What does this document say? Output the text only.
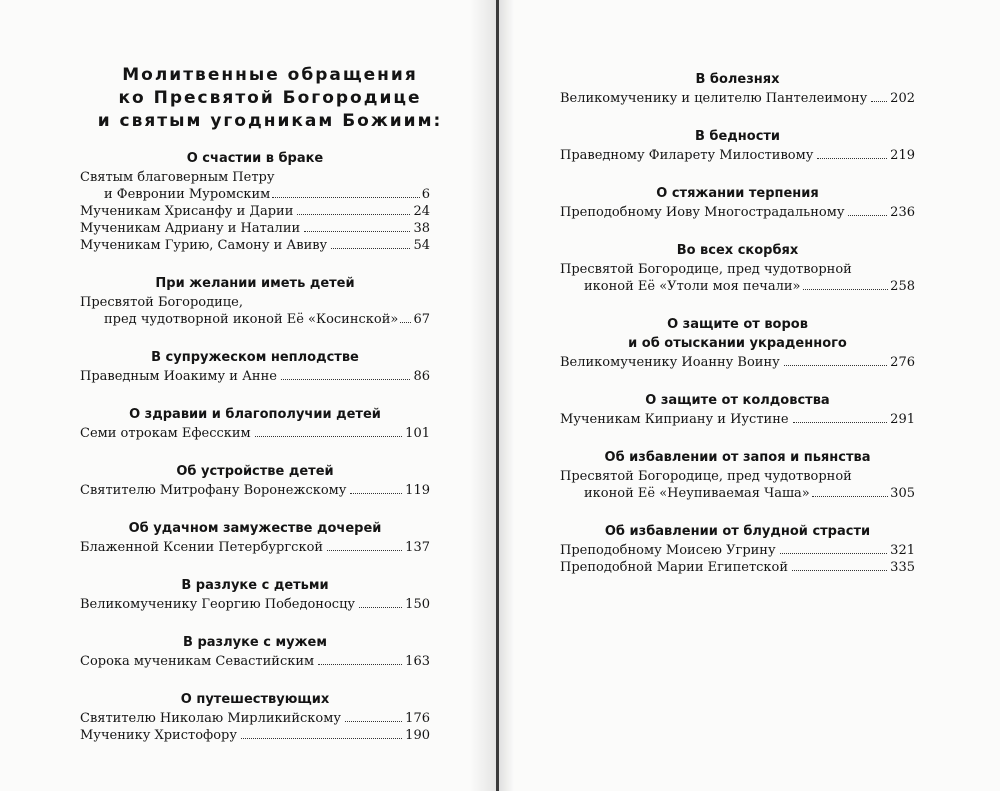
Молитвенные обращения
ко Пресвятой Богородице
и святым угодникам Божиим:
О счастии в браке
Святым благоверным Петру
и Февронии Муромским	6
Мученикам Хрисанфу и Дарии	24
Мученикам Адриану и Наталии	38
Мученикам Гурию, Самону и Авиву	54
При желании иметь детей
Пресвятой Богородице,
пред чудотворной иконой Её «Косинской» 67
В супружеском неплодстве
Праведным Иоакиму и Анне	86
О здравии и благополучии детей
Семи отрокам Ефесским	101
Об устройстве детей
Святителю Митрофану Воронежскому	119
Об удачном замужестве дочерей
Блаженной Ксении Петербургской	137
В разлуке с детьми
Великомученику Георгию Победоносцу	150
В разлуке с мужем
Сорока мученикам Севастийским	163
О путешествующих
Святителю Николаю Мирликийскому	176
Мученику Христофору	190
В болезнях
Великомученику и целителю Пантелеимону 202
В бедности
Праведному Филарету Милостивому	219
О стяжании терпения
Преподобному Иову Многострадальному	236
Во всех скорбях
Пресвятой Богородице, пред чудотворной
иконой Её «Утоли моя печали»	258
О защите от воров
и об отыскании украденного
Великомученику Иоанну Воину	276
О защите от колдовства
Мученикам Киприану и Иустине	291
Об избавлении от запоя и пьянства
Пресвятой Богородице, пред чудотворной
иконой Её «Неупиваемая Чаша»	305
Об избавлении от блудной страсти
Преподобному Моисею Угрину	321
Преподобной Марии Египетской	335
